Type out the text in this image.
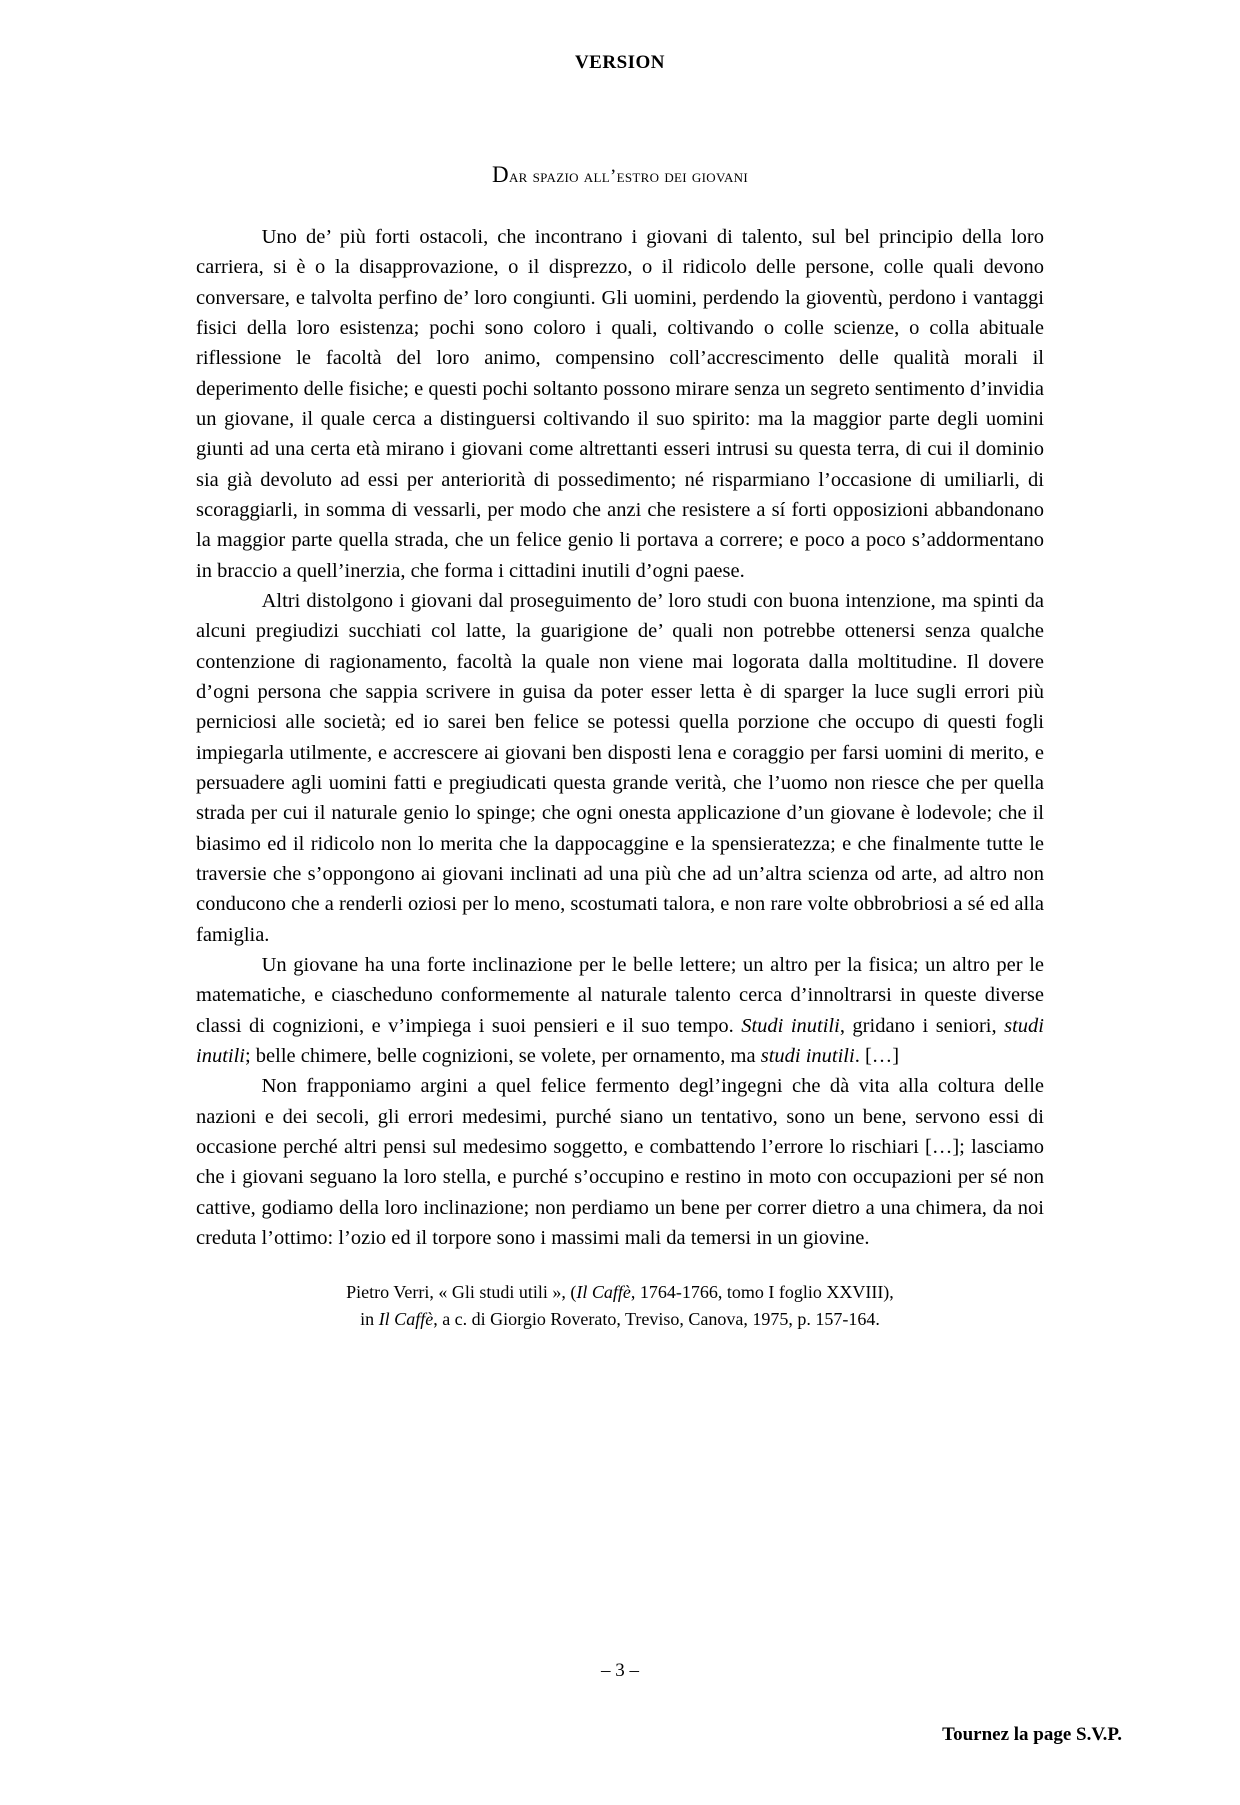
VERSION
Dar spazio all’estro dei giovani

Uno de’ più forti ostacoli, che incontrano i giovani di talento, sul bel principio della loro carriera, si è o la disapprovazione, o il disprezzo, o il ridicolo delle persone, colle quali devono conversare, e talvolta perfino de’ loro congiunti. Gli uomini, perdendo la gioventù, perdono i vantaggi fisici della loro esistenza; pochi sono coloro i quali, coltivando o colle scienze, o colla abituale riflessione le facoltà del loro animo, compensino coll’accrescimento delle qualità morali il deperimento delle fisiche; e questi pochi soltanto possono mirare senza un segreto sentimento d’invidia un giovane, il quale cerca a distinguersi coltivando il suo spirito: ma la maggior parte degli uomini giunti ad una certa età mirano i giovani come altrettanti esseri intrusi su questa terra, di cui il dominio sia già devoluto ad essi per anteriorità di possedimento; né risparmiano l’occasione di umiliarli, di scoraggiarli, in somma di vessarli, per modo che anzi che resistere a sí forti opposizioni abbandonano la maggior parte quella strada, che un felice genio li portava a correre; e poco a poco s’addormentano in braccio a quell’inerzia, che forma i cittadini inutili d’ogni paese.

Altri distolgono i giovani dal proseguimento de’ loro studi con buona intenzione, ma spinti da alcuni pregiudizi succhiati col latte, la guarigione de’ quali non potrebbe ottenersi senza qualche contenzione di ragionamento, facoltà la quale non viene mai logorata dalla moltitudine. Il dovere d’ogni persona che sappia scrivere in guisa da poter esser letta è di sparger la luce sugli errori più perniciosi alle società; ed io sarei ben felice se potessi quella porzione che occupo di questi fogli impiegarla utilmente, e accrescere ai giovani ben disposti lena e coraggio per farsi uomini di merito, e persuadere agli uomini fatti e pregiudicati questa grande verità, che l’uomo non riesce che per quella strada per cui il naturale genio lo spinge; che ogni onesta applicazione d’un giovane è lodevole; che il biasimo ed il ridicolo non lo merita che la dappocaggine e la spensieratezza; e che finalmente tutte le traversie che s’oppongono ai giovani inclinati ad una più che ad un’altra scienza od arte, ad altro non conducono che a renderli oziosi per lo meno, scostumati talora, e non rare volte obbrobriosi a sé ed alla famiglia.

Un giovane ha una forte inclinazione per le belle lettere; un altro per la fisica; un altro per le matematiche, e ciascheduno conformemente al naturale talento cerca d’innoltrarsi in queste diverse classi di cognizioni, e v’impiega i suoi pensieri e il suo tempo. Studi inutili, gridano i seniori, studi inutili; belle chimere, belle cognizioni, se volete, per ornamento, ma studi inutili. […]

Non frapponiamo argini a quel felice fermento degl’ingegni che dà vita alla coltura delle nazioni e dei secoli, gli errori medesimi, purché siano un tentativo, sono un bene, servono essi di occasione perché altri pensi sul medesimo soggetto, e combattendo l’errore lo rischiari […]; lasciamo che i giovani seguano la loro stella, e purché s’occupino e restino in moto con occupazioni per sé non cattive, godiamo della loro inclinazione; non perdiamo un bene per correr dietro a una chimera, da noi creduta l’ottimo: l’ozio ed il torpore sono i massimi mali da temersi in un giovine.

Pietro Verri, « Gli studi utili », (Il Caffè, 1764-1766, tomo I foglio XXVIII),
in Il Caffè, a c. di Giorgio Roverato, Treviso, Canova, 1975, p. 157-164.
– 3 –
Tournez la page S.V.P.
